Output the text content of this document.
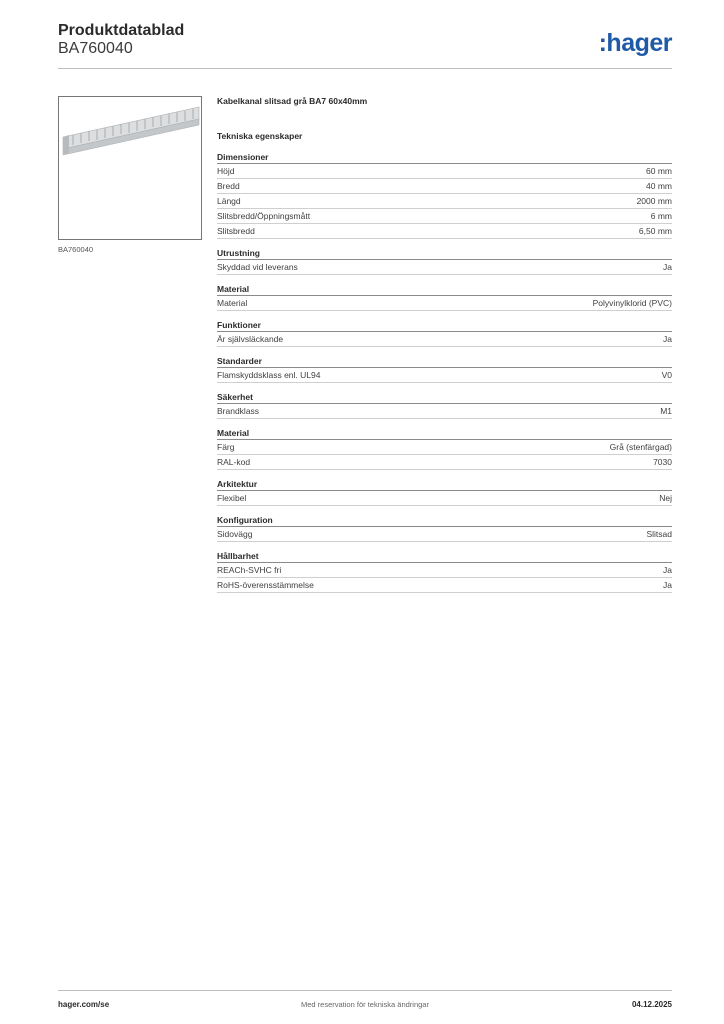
Produktdatablad
BA760040	:hager
BA760040
Kabelkanal slitsad grå BA7 60x40mm
Tekniska egenskaper
Dimensioner
Höjd	60 mm
Bredd	40 mm
Längd	2000 mm
Slitsbredd/Öppningsmått	6 mm
Slitsbredd	6,50 mm
Utrustning
Skyddad vid leverans	Ja
Material
Material	Polyvinylklorid (PVC)
Funktioner
Är självsläckande	Ja
Standarder
Flamskyddsklass enl. UL94	V0
Säkerhet
Brandklass	M1
Material
Färg	Grå (stenfärgad)
RAL-kod	7030
Arkitektur
Flexibel	Nej
Konfiguration
Sidovägg	Slitsad
Hållbarhet
REACh-SVHC fri	Ja
RoHS-överensstämmelse	Ja
hager.com/se	Med reservation för tekniska ändringar	04.12.2025
